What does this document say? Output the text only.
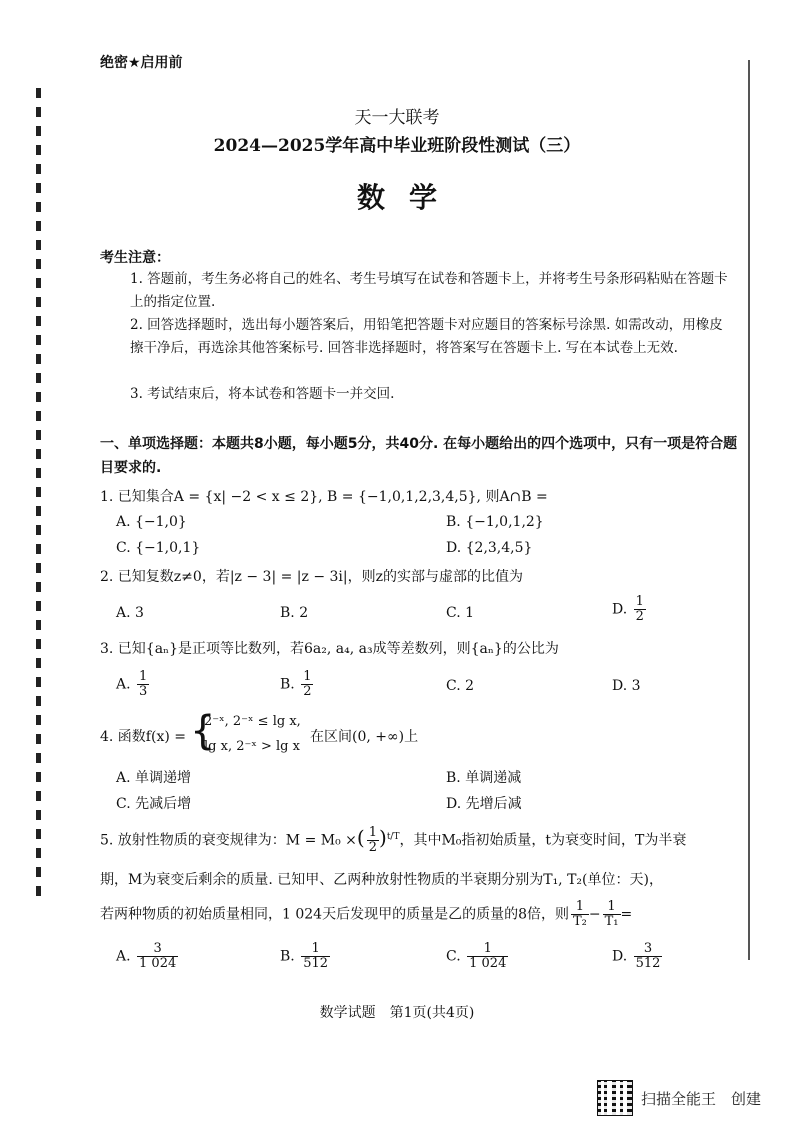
绝密★启用前
天一大联考
2024—2025学年高中毕业班阶段性测试（三）
数学
考生注意：
1. 答题前，考生务必将自己的姓名、考生号填写在试卷和答题卡上，并将考生号条形码粘贴在答题卡上的指定位置.
2. 回答选择题时，选出每小题答案后，用铅笔把答题卡对应题目的答案标号涂黑. 如需改动，用橡皮擦干净后，再选涂其他答案标号. 回答非选择题时，将答案写在答题卡上. 写在本试卷上无效.
3. 考试结束后，将本试卷和答题卡一并交回.
一、单项选择题：本题共8小题，每小题5分，共40分. 在每小题给出的四个选项中，只有一项是符合题目要求的.
1. 已知集合A = {x| −2 < x ≤ 2}, B = {−1,0,1,2,3,4,5}, 则A∩B =
A. {−1,0}	B. {−1,0,1,2}
C. {−1,0,1}	D. {2,3,4,5}
2. 已知复数z≠0，若|z − 3| = |z − 3i|，则z的实部与虚部的比值为
A. 3	B. 2	C. 1	D. $\frac{1}{2}$
3. 已知{aₙ}是正项等比数列，若6a₂, a₄, a₃成等差数列，则{aₙ}的公比为
A. $\frac{1}{3}$	B. $\frac{1}{2}$	C. 2	D. 3
4. 函数f(x) = {
2⁻ˣ, 2⁻ˣ ≤ lg x,
lg x, 2⁻ˣ > lg x
在区间(0, +∞)上
A. 单调递增	B. 单调递减
C. 先减后增	D. 先增后减
5. 放射性物质的衰变规律为：M = M₀ ×( $\frac{1}{2} )^{t/T}$，其中M₀指初始质量，t为衰变时间，T为半衰
期，M为衰变后剩余的质量. 已知甲、乙两种放射性物质的半衰期分别为T₁, T₂(单位：天)，
若两种物质的初始质量相同，1 024天后发现甲的质量是乙的质量的8倍，则 $\frac{1}{\text{T₂}} - \frac{1}{\text{T₁}}$ =
A. $\frac{3}{1 024}$	B. $\frac{1}{512}$	C. $\frac{1}{1 024}$	D. $\frac{3}{512}$
数学试题　第1页(共4页)
扫描全能王　创建
